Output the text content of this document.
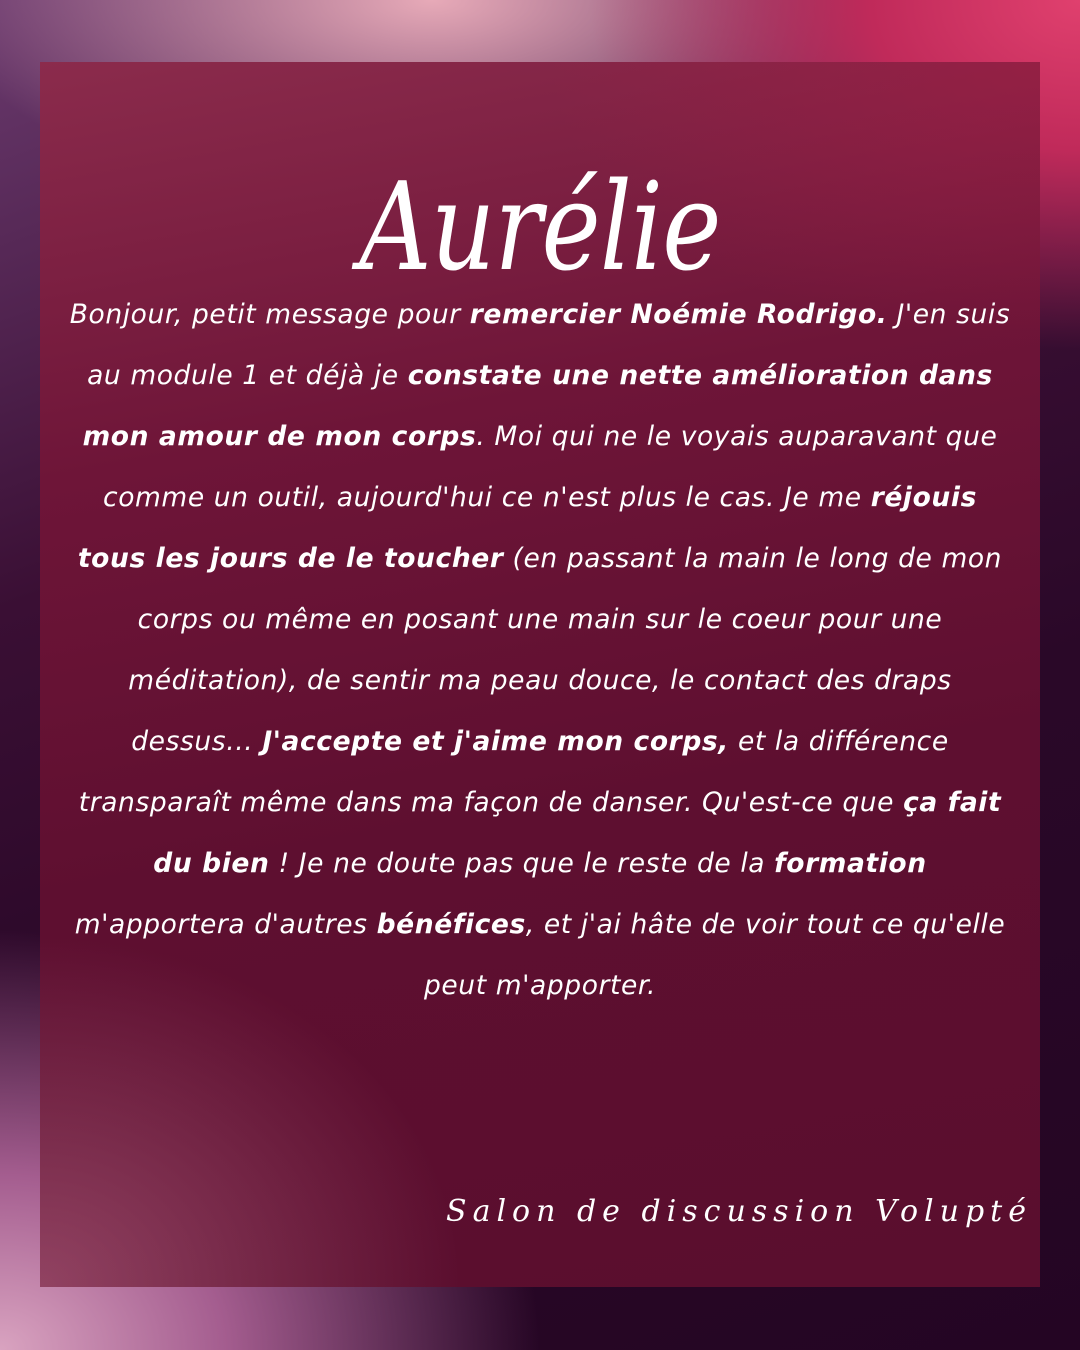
Aurélie
Bonjour, petit message pour remercier Noémie Rodrigo. J'en suis au module 1 et déjà je constate une nette amélioration dans mon amour de mon corps. Moi qui ne le voyais auparavant que comme un outil, aujourd'hui ce n'est plus le cas. Je me réjouis tous les jours de le toucher (en passant la main le long de mon corps ou même en posant une main sur le coeur pour une méditation), de sentir ma peau douce, le contact des draps dessus... J'accepte et j'aime mon corps, et la différence transparaît même dans ma façon de danser. Qu'est-ce que ça fait du bien ! Je ne doute pas que le reste de la formation m'apportera d'autres bénéfices, et j'ai hâte de voir tout ce qu'elle peut m'apporter.
Salon de discussion Volupté
